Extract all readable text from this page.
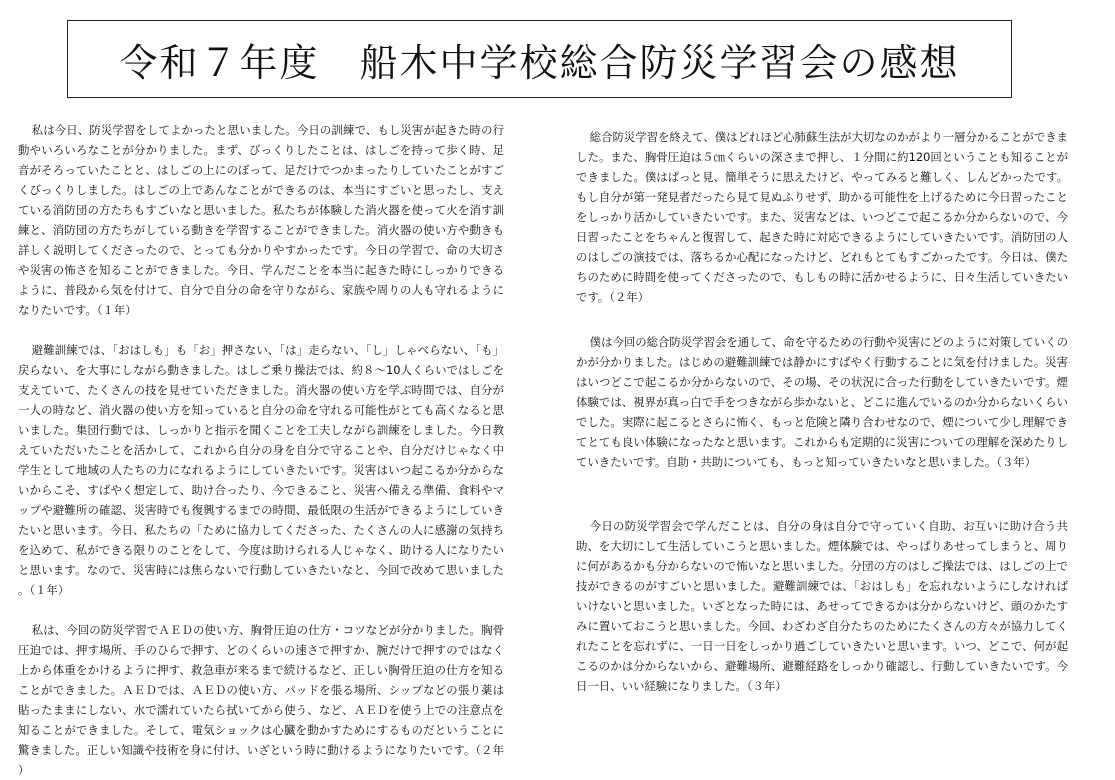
令和７年度　船木中学校総合防災学習会の感想

私は今日、防災学習をしてよかったと思いました。今日の訓練で、もし災害が起きた時の行動やいろいろなことが分かりました。まず、びっくりしたことは、はしごを持って歩く時、足音がそろっていたことと、はしごの上にのぼって、足だけでつかまったりしていたことがすごくびっくりしました。はしごの上であんなことができるのは、本当にすごいと思ったし、支えている消防団の方たちもすごいなと思いました。私たちが体験した消火器を使って火を消す訓練と、消防団の方たちがしている動きを学習することができました。消火器の使い方や動きも詳しく説明してくださったので、とっても分かりやすかったです。今日の学習で、命の大切さや災害の怖さを知ることができました。今日、学んだことを本当に起きた時にしっかりできるように、普段から気を付けて、自分で自分の命を守りながら、家族や周りの人も守れるようになりたいです。（１年）

避難訓練では、「おはしも」も「お」押さない、「は」走らない、「し」しゃべらない、「も」戻らない、を大事にしながら動きました。はしご乗り操法では、約８～10人くらいではしごを支えていて、たくさんの技を見せていただきました。消火器の使い方を学ぶ時間では、自分が一人の時など、消火器の使い方を知っていると自分の命を守れる可能性がとても高くなると思いました。集団行動では、しっかりと指示を聞くことを工夫しながら訓練をしました。今日教えていただいたことを活かして、これから自分の身を自分で守ることや、自分だけじゃなく中学生として地域の人たちの力になれるようにしていきたいです。災害はいつ起こるか分からないからこそ、すばやく想定して、助け合ったり、今できること、災害へ備える準備、食料やマップや避難所の確認、災害時でも復興するまでの時間、最低限の生活ができるようにしていきたいと思います。今日、私たちの「ために協力してくださった、たくさんの人に感謝の気持ちを込めて、私ができる限りのことをして、今度は助けられる人じゃなく、助ける人になりたいと思います。なので、災害時には焦らないで行動していきたいなと、今回で改めて思いました。（１年）

私は、今回の防災学習でＡＥＤの使い方、胸骨圧迫の仕方・コツなどが分かりました。胸骨圧迫では、押す場所、手のひらで押す、どのくらいの速さで押すか、腕だけで押すのではなく上から体重をかけるように押す、救急車が来るまで続けるなど、正しい胸骨圧迫の仕方を知ることができました。ＡＥＤでは、ＡＥＤの使い方、パッドを張る場所、シップなどの張り薬は貼ったままにしない、水で濡れていたら拭いてから使う、など、ＡＥＤを使う上での注意点を知ることができました。そして、電気ショックは心臓を動かすためにするものだということに驚きました。正しい知識や技術を身に付け、いざという時に動けるようになりたいです。（２年）

総合防災学習を終えて、僕はどれほど心肺蘇生法が大切なのかがより一層分かることができました。また、胸骨圧迫は５㎝くらいの深さまで押し、１分間に約120回ということも知ることができました。僕はぱっと見、簡単そうに思えたけど、やってみると難しく、しんどかったです。もし自分が第一発見者だったら見て見ぬふりせず、助かる可能性を上げるために今日習ったことをしっかり活かしていきたいです。また、災害などは、いつどこで起こるか分からないので、今日習ったことをちゃんと復習して、起きた時に対応できるようにしていきたいです。消防団の人のはしごの演技では、落ちるか心配になったけど、どれもとてもすごかったです。今日は、僕たちのために時間を使ってくださったので、もしもの時に活かせるように、日々生活していきたいです。（２年）

僕は今回の総合防災学習会を通して、命を守るための行動や災害にどのように対策していくのかが分かりました。はじめの避難訓練では静かにすばやく行動することに気を付けました。災害はいつどこで起こるか分からないので、その場、その状況に合った行動をしていきたいです。煙体験では、視界が真っ白で手をつきながら歩かないと、どこに進んでいるのか分からないくらいでした。実際に起こるとさらに怖く、もっと危険と隣り合わせなので、煙について少し理解できてとても良い体験になったなと思います。これからも定期的に災害についての理解を深めたりしていきたいです。自助・共助についても、もっと知っていきたいなと思いました。（３年）

今日の防災学習会で学んだことは、自分の身は自分で守っていく自助、お互いに助け合う共助、を大切にして生活していこうと思いました。煙体験では、やっぱりあせってしまうと、周りに何があるかも分からないので怖いなと思いました。分団の方のはしご操法では、はしごの上で技ができるのがすごいと思いました。避難訓練では、「おはしも」を忘れないようにしなければいけないと思いました。いざとなった時には、あせってできるかは分からないけど、頭のかたすみに置いておこうと思いました。今回、わざわざ自分たちのためにたくさんの方々が協力してくれたことを忘れずに、一日一日をしっかり過ごしていきたいと思います。いつ、どこで、何が起こるのかは分からないから、避難場所、避難経路をしっかり確認し、行動していきたいです。今日一日、いい経験になりました。（３年）
